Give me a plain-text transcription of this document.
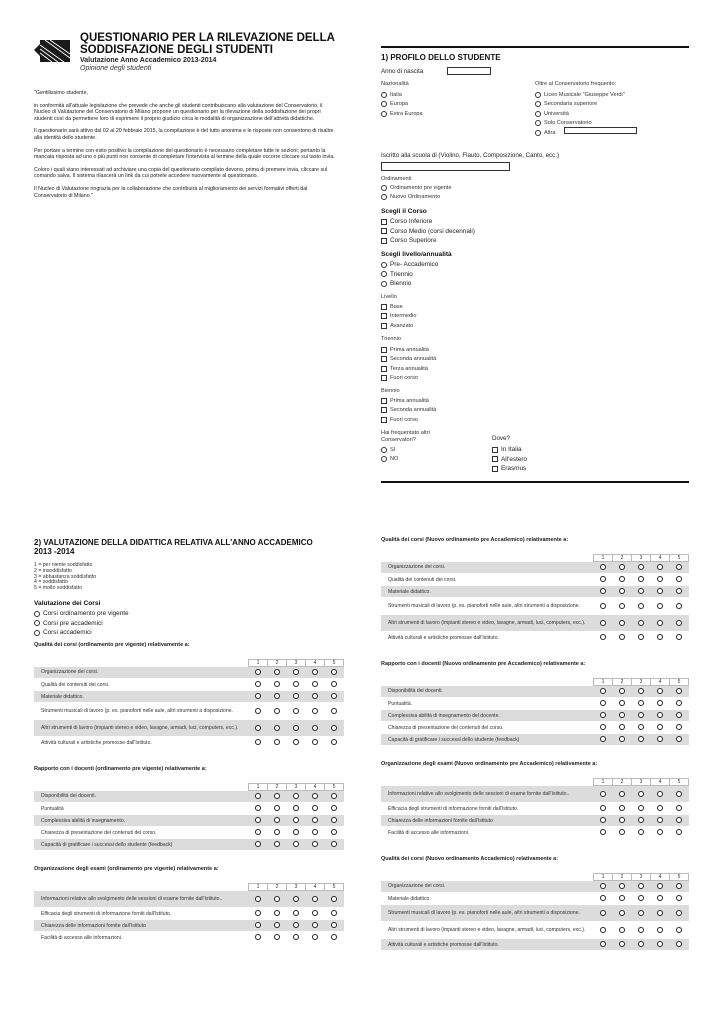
QUESTIONARIO PER LA RILEVAZIONE DELLA SODDISFAZIONE DEGLI STUDENTI
Valutazione Anno Accademico 2013-2014
Opinione degli studenti

"Gentilissimo studente,

in conformità all'attuale legislazione che prevede che anche gli studenti contribuiscano alla valutazione del Conservatorio, il Nucleo di Valutazione del Conservatorio di Milano propone un questionario per la rilevazione della soddisfazione dei propri studenti così da permettere loro di esprimere il proprio giudizio circa le modalità di organizzazione dell'attività didattiche.

Il questionario sarà attivo dal 02 al 20 febbraio 2015, la compilazione è del tutto anonima e le risposte non consentono di risalire alla identità dello studente.

Per portare a termine con esito positivo la compilazione del questionario è necessario completare tutte le sezioni; pertanto la mancata risposta ad uno o più punti non consente di completare l'intervista al termine della quale occorre cliccare sul tasto invia.

Coloro i quali siano interessati ad archiviare una copia del questionario compilato devono, prima di premere invia, cliccare sul comando salva. Il sistema rilascerà un link da cui potrete accedere nuovamente al questionario.

Il Nucleo di Valutazione ringrazia per la collaborazione che contribuirà al miglioramento dei servizi formativi offerti dal Conservatorio di Milano."

1) PROFILO DELLO STUDENTE
Anno di nascita
Nazionalità
Italia
Europa
Extra Europa
Oltre al Conservatorio frequento:
Liceo Musicale "Giuseppe Verdi"
Secondaria superiore
Università
Solo Conservatorio
Altra
Iscritto alla scuola di (Violino, Flauto, Composizione, Canto, ecc.)
Ordinamenti
Ordinamento pre vigente
Nuovo Ordinamento
Scegli il Corso
Corso Inferiore
Corso Medio (corsi decennali)
Corso Superiore
Scegli livello/annualità
Pre- Accademico
Triennio
Biennio
Livello
Base
Intermedio
Avanzato
Triennio
Prima annualità
Seconda annualità
Terza annualità
Fuori corso
Biennio
Prima annualità
Seconda annualità
Fuori corso
Hai frequentato altri Conservatori?
SI
NO
Dove?
In Italia
All'estero
Erasmus
2) VALUTAZIONE DELLA DIDATTICA RELATIVA ALL'ANNO ACCADEMICO 2013 -2014
1 = per niente soddisfatto
2 = insoddisfatto
3 = abbastanza soddisfatto
4 = soddisfatto
5 = molto soddisfatto
Valutazione dei Corsi
Corsi ordinamento pre vigente
Corsi pre accademici
Corsi accademici
Qualità dei corsi (ordinamento pre vigente) relativamente a:
	1	2	3	4	5
Organizzazione dei corsi.					
Qualità dei contenuti dei corsi.					
Materiale didattico.					
Strumenti musicali di lavoro (p. es. pianoforti nelle aule, altri strumenti a disposizione.					
Altri strumenti di lavoro (impianti stereo e video, lavagne, armadi, luci, computers, ecc.).					
Attività culturali e artistiche promosse dall'Istituto.					
Rapporto con i docenti (ordinamento pre vigente) relativamente a:
	1	2	3	4	5
Disponibilità dei docenti.					
Puntualità					
Complessiva abilità di insegnamento.					
Chiarezza di presentazione dei contenuti del corso.					
Capacità di gratificare i successi dello studente (feedback)					
Organizzazione degli esami (ordinamento pre vigente) relativamente a:
	1	2	3	4	5
Informazioni relative allo svolgimento delle sessioni di esame fornite dall'Istituto..					
Efficacia degli strumenti di informazione forniti dall'Istituto.					
Chiarezza delle informazioni fornite dall'Istituto					
Facilità di accesso alle informazioni.					
Qualità dei corsi (Nuovo ordinamento pre Accademico) relativamente a:
	1	2	3	4	5
Organizzazione dei corsi.					
Qualità dei contenuti dei corsi.					
Materiale didattico.					
Strumenti musicali di lavoro (p. es. pianoforti nelle aule, altri strumenti a disposizione.					
Altri strumenti di lavoro (impianti stereo e video, lavagne, armadi, luci, computers, ecc.).					
Attività culturali e artistiche promosse dall'Istituto.					
Rapporto con i docenti (Nuovo ordinamento pre Accademico) relativamente a:
	1	2	3	4	5
Disponibilità dei docenti.					
Puntualità.					
Complessiva abilità di insegnamento del docente.					
Chiarezza di presentazione dei contenuti del corso.					
Capacità di gratificare i successi dello studente (feedback)					
Organizzazione degli esami (Nuovo ordinamento pre Accademico) relativamente a:
	1	2	3	4	5
Informazioni relative allo svolgimento delle sessioni di esame fornite dall'Istituto..					
Efficacia degli strumenti di informazione forniti dall'Istituto.					
Chiarezza delle informazioni fornite dall'Istituto					
Facilità di accesso alle informazioni.					
Qualità dei corsi (Nuovo ordinamento Accademico) relativamente a:
	1	2	3	4	5
Organizzazione dei corsi.					
Materiale didattico.					
Strumenti musicali di lavoro (p. es. pianoforti nelle aule, altri strumenti a disposizione.					
Altri strumenti di lavoro (impianti stereo e video, lavagne, armadi, luci, computers, ecc.).					
Attività culturali e artistiche promosse dall'Istituto.					
